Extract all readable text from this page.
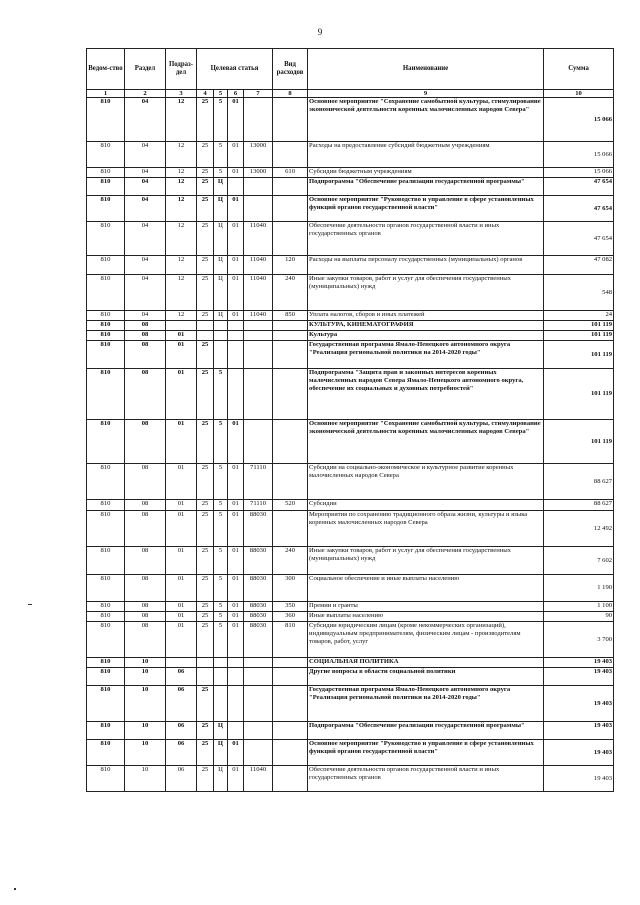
9
Ведом-ство	Раздел	Подраз-дел	Целевая статья				Вид расходов	Наименование	Сумма
1	2	3	4	5	6	7	8	9	10
810	04	12	25	5	01			Основное мероприятие "Сохранение самобытной культуры, стимулирование экономической деятельности коренных малочисленных народов Севера"	15 066
810	04	12	25	5	01	13000		Расходы на предоставление субсидий бюджетным учреждениям	15 066
810	04	12	25	5	01	13000	610	Субсидии бюджетным учреждениям	15 066
810	04	12	25	Ц				Подпрограмма "Обеспечение реализации государственной программы"	47 654
810	04	12	25	Ц	01			Основное мероприятие "Руководство и управление в сфере установленных функций органов государственной власти"	47 654
810	04	12	25	Ц	01	11040		Обеспечение деятельности органов государственной власти и иных государственных органов	47 654
810	04	12	25	Ц	01	11040	120	Расходы на выплаты персоналу государственных (муниципальных) органов	47 082
810	04	12	25	Ц	01	11040	240	Иные закупки товаров, работ и услуг для обеспечения государственных (муниципальных) нужд	548
810	04	12	25	Ц	01	11040	850	Уплата налогов, сборов и иных платежей	24
810	08							КУЛЬТУРА, КИНЕМАТОГРАФИЯ	101 119
810	08	01						Культура	101 119
810	08	01	25					Государственная программа Ямало-Ненецкого автономного округа "Реализация региональной политики на 2014-2020 годы"	101 119
810	08	01	25	5				Подпрограмма "Защита прав и законных интересов коренных малочисленных народов Севера Ямало-Ненецкого автономного округа, обеспечение их социальных и духовных потребностей"	101 119
810	08	01	25	5	01			Основное мероприятие "Сохранение самобытной культуры, стимулирование экономической деятельности коренных малочисленных народов Севера"	101 119
810	08	01	25	5	01	71110		Субсидии на социально-экономическое и культурное развитие коренных малочисленных народов Севера	88 627
810	08	01	25	5	01	71110	520	Субсидии	88 627
810	08	01	25	5	01	88030		Мероприятия по сохранению традиционного образа жизни, культуры и языка коренных малочисленных народов Севера	12 492
810	08	01	25	5	01	88030	240	Иные закупки товаров, работ и услуг для обеспечения государственных (муниципальных) нужд	7 602
810	08	01	25	5	01	88030	300	Социальное обеспечение и иные выплаты населению	1 190
810	08	01	25	5	01	88030	350	Премии и гранты	1 100
810	08	01	25	5	01	88030	360	Иные выплаты населению	90
810	08	01	25	5	01	88030	810	Субсидии юридическим лицам (кроме некоммерческих организаций), индивидуальным предпринимателям, физическим лицам - производителям товаров, работ, услуг	3 700
810	10							СОЦИАЛЬНАЯ ПОЛИТИКА	19 403
810	10	06						Другие вопросы в области социальной политики	19 403
810	10	06	25					Государственная программа Ямало-Ненецкого автономного округа "Реализация региональной политики на 2014-2020 годы"	19 403
810	10	06	25	Ц				Подпрограмма "Обеспечение реализации государственной программы"	19 403
810	10	06	25	Ц	01			Основное мероприятие "Руководство и управление в сфере установленных функций органов государственной власти"	19 403
810	10	06	25	Ц	01	11040		Обеспечение деятельности органов государственной власти и иных государственных органов	19 403
